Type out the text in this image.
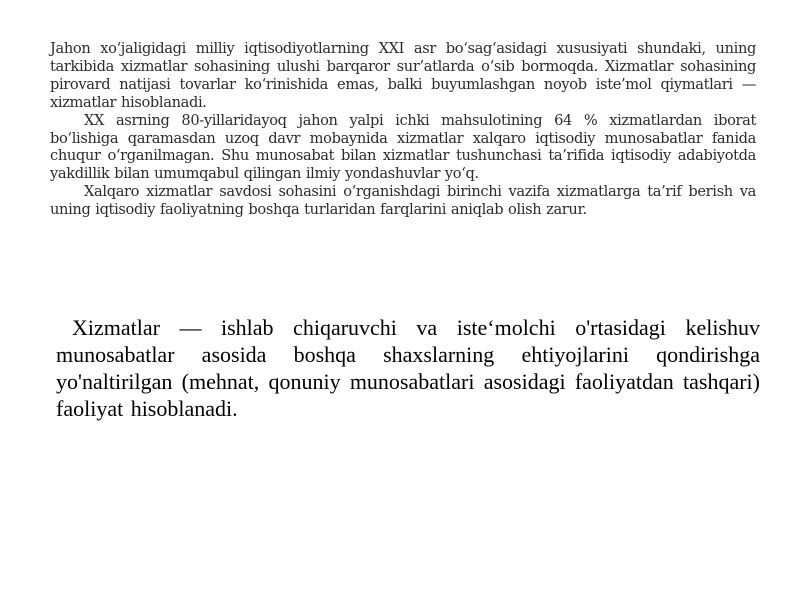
Jahon xo‘jaligidagi milliy iqtisodiyotlarning XXI asr bo‘sag‘asidagi xususiyati shundaki, uning tarkibida xizmatlar sohasining ulushi barqaror sur’atlarda o‘sib bormoqda. Xizmatlar sohasining pirovard natijasi tovarlar ko‘rinishida emas, balki buyumlashgan noyob iste’mol qiymatlari — xizmatlar hisoblanadi.

XX asrning 80-yillaridayoq jahon yalpi ichki mahsulotining 64 % xizmatlardan iborat bo‘lishiga qaramasdan uzoq davr mobaynida xizmatlar xalqaro iqtisodiy munosabatlar fanida chuqur o‘rganilmagan. Shu munosabat bilan xizmatlar tushunchasi ta’rifida iqtisodiy adabiyotda yakdillik bilan umumqabul qilingan ilmiy yondashuvlar yo‘q.

Xalqaro xizmatlar savdosi sohasini o‘rganishdagi birinchi vazifa xizmatlarga ta’rif berish va uning iqtisodiy faoliyatning boshqa turlaridan farqlarini aniqlab olish zarur.

Xizmatlar — ishlab chiqaruvchi va iste‘molchi o'rtasidagi kelishuv munosabatlar asosida boshqa shaxslarning ehtiyojlarini qondirishga yo'naltirilgan (mehnat, qonuniy munosabatlari asosidagi faoliyatdan tashqari) faoliyat hisoblanadi.
